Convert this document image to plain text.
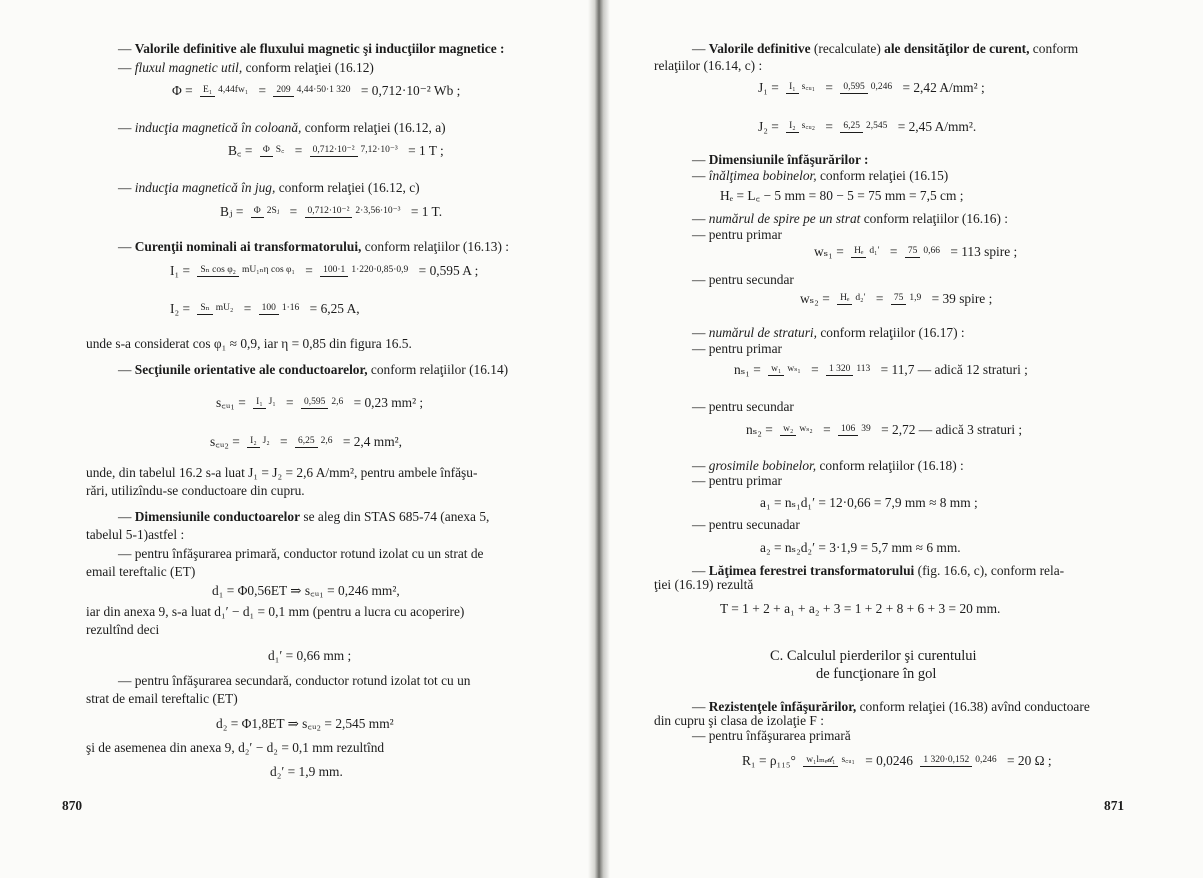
— Valorile definitive ale fluxului magnetic şi inducţiilor magnetice :
— fluxul magnetic util, conform relaţiei (16.12)
Φ = E₁ 4,44fw₁ = 209 4,44·50·1 320 = 0,712·10⁻² Wb ;
— inducţia magnetică în coloană, conform relaţiei (16.12, a)
B꜀ = Φ S꜀ = 0,712·10⁻² 7,12·10⁻³ = 1 T ;
— inducţia magnetică în jug, conform relaţiei (16.12, c)
Bⱼ = Φ 2Sⱼ = 0,712·10⁻² 2·3,56·10⁻³ = 1 T.
— Curenţii nominali ai transformatorului, conform relaţiilor (16.13) :
I₁ = Sₙ cos φ₂ mU₁ₙη cos φ₁ = 100·1 1·220·0,85·0,9 = 0,595 A ;
I₂ = Sₙ mU₂ = 100 1·16 = 6,25 A,
unde s-a considerat cos φ₁ ≈ 0,9, iar η = 0,85 din figura 16.5.
— Secţiunile orientative ale conductoarelor, conform relaţiilor (16.14)
s꜀ᵤ₁ = I₁ J₁ = 0,595 2,6 = 0,23 mm² ;
s꜀ᵤ₂ = I₂ J₂ = 6,25 2,6 = 2,4 mm²,
unde, din tabelul 16.2 s-a luat J₁ = J₂ = 2,6 A/mm², pentru ambele înfăşu-
rări, utilizîndu-se conductoare din cupru.
— Dimensiunile conductoarelor se aleg din STAS 685-74 (anexa 5,
tabelul 5-1)astfel :
— pentru înfăşurarea primară, conductor rotund izolat cu un strat de
email tereftalic (ET)
d₁ = Φ0,56ET ⇒ s꜀ᵤ₁ = 0,246 mm²,
iar din anexa 9, s-a luat d₁′ − d₁ = 0,1 mm (pentru a lucra cu acoperire)
rezultînd deci
d₁′ = 0,66 mm ;
— pentru înfăşurarea secundară, conductor rotund izolat tot cu un
strat de email tereftalic (ET)
d₂ = Φ1,8ET ⇒ s꜀ᵤ₂ = 2,545 mm²
şi de asemenea din anexa 9, d₂′ − d₂ = 0,1 mm rezultînd
d₂′ = 1,9 mm.
870
— Valorile definitive (recalculate) ale densităţilor de curent, conform
relaţiilor (16.14, c) :
J₁ = I₁ s꜀ᵤ₁ = 0,595 0,246 = 2,42 A/mm² ;
J₂ = I₂ s꜀ᵤ₂ = 6,25 2,545 = 2,45 A/mm².
— Dimensiunile înfăşurărilor :
— înălţimea bobinelor, conform relaţiei (16.15)
Hₑ = L꜀ − 5 mm = 80 − 5 = 75 mm = 7,5 cm ;
— numărul de spire pe un strat conform relaţiilor (16.16) :
— pentru primar
wₛ₁ = Hₑ d₁′ = 75 0,66 = 113 spire ;
— pentru secundar
wₛ₂ = Hₑ d₂′ = 75 1,9 = 39 spire ;
— numărul de straturi, conform relaţiilor (16.17) :
— pentru primar
nₛ₁ = w₁ wₛ₁ = 1 320 113 = 11,7 — adică 12 straturi ;
— pentru secundar
nₛ₂ = w₂ wₛ₂ = 106 39 = 2,72 — adică 3 straturi ;
— grosimile bobinelor, conform relaţiilor (16.18) :
— pentru primar
a₁ = nₛ₁d₁′ = 12·0,66 = 7,9 mm ≈ 8 mm ;
— pentru secunadar
a₂ = nₛ₂d₂′ = 3·1,9 = 5,7 mm ≈ 6 mm.
— Lăţimea ferestrei transformatorului (fig. 16.6, c), conform rela-
ţiei (16.19) rezultă
T = 1 + 2 + a₁ + a₂ + 3 = 1 + 2 + 8 + 6 + 3 = 20 mm.
C. Calculul pierderilor şi curentului
de funcţionare în gol
— Rezistenţele înfăşurărilor, conform relaţiei (16.38) avînd conductoare
din cupru şi clasa de izolaţie F :
— pentru înfăşurarea primară
R₁ = ρ₁₁₅° w₁lₘₑ𝒹₁ s꜀ᵤ₁ = 0,0246 1 320·0,152 0,246 = 20 Ω ;
871
